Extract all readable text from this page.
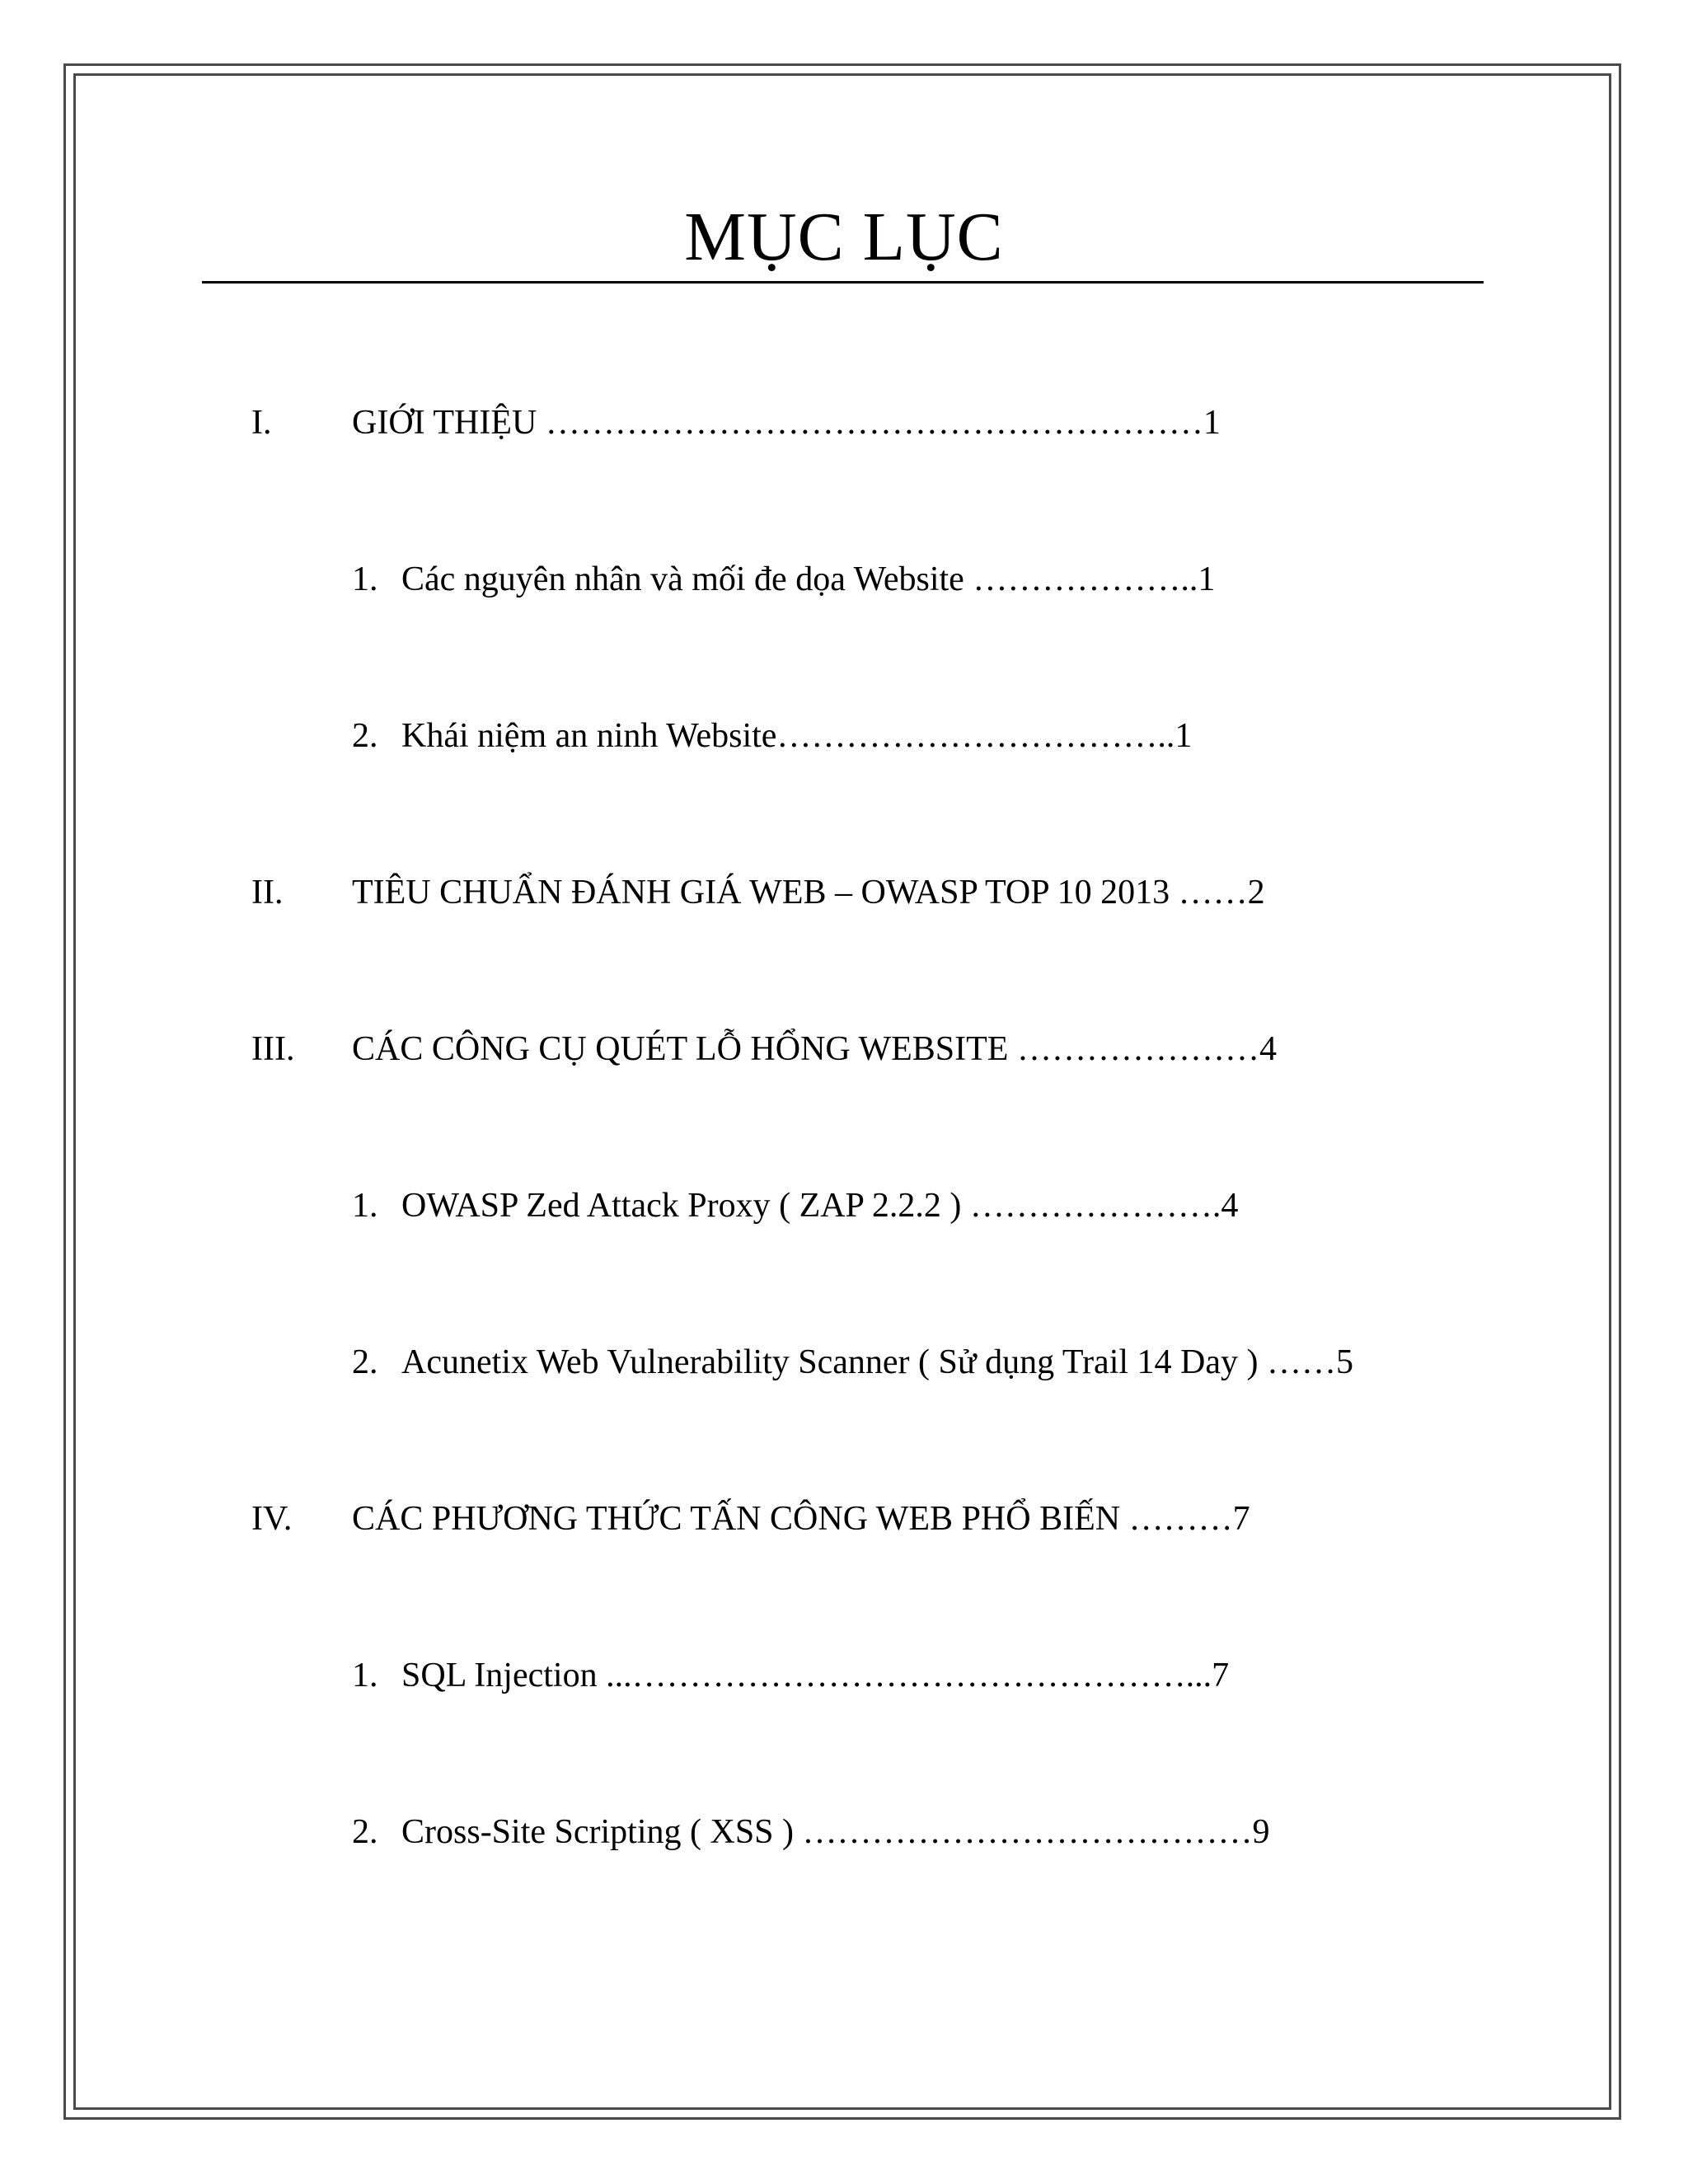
MỤC LỤC
I. GIỚI THIỆU …………………………………………………1
1. Các nguyên nhân và mối đe dọa Website ………………..1
2. Khái niệm an ninh Website……………………………..1
II. TIÊU CHUẨN ĐÁNH GIÁ WEB – OWASP TOP 10 2013 ……2
III. CÁC CÔNG CỤ QUÉT LỖ HỔNG WEBSITE …………………4
1. OWASP Zed Attack Proxy ( ZAP 2.2.2 ) ………………….4
2. Acunetix Web Vulnerability Scanner ( Sử dụng Trail 14 Day ) ……5
IV. CÁC PHƯƠNG THỨC TẤN CÔNG WEB PHỔ BIẾN ………7
1. SQL Injection ...…………………………………………...7
2. Cross-Site Scripting ( XSS ) …………………………………9
